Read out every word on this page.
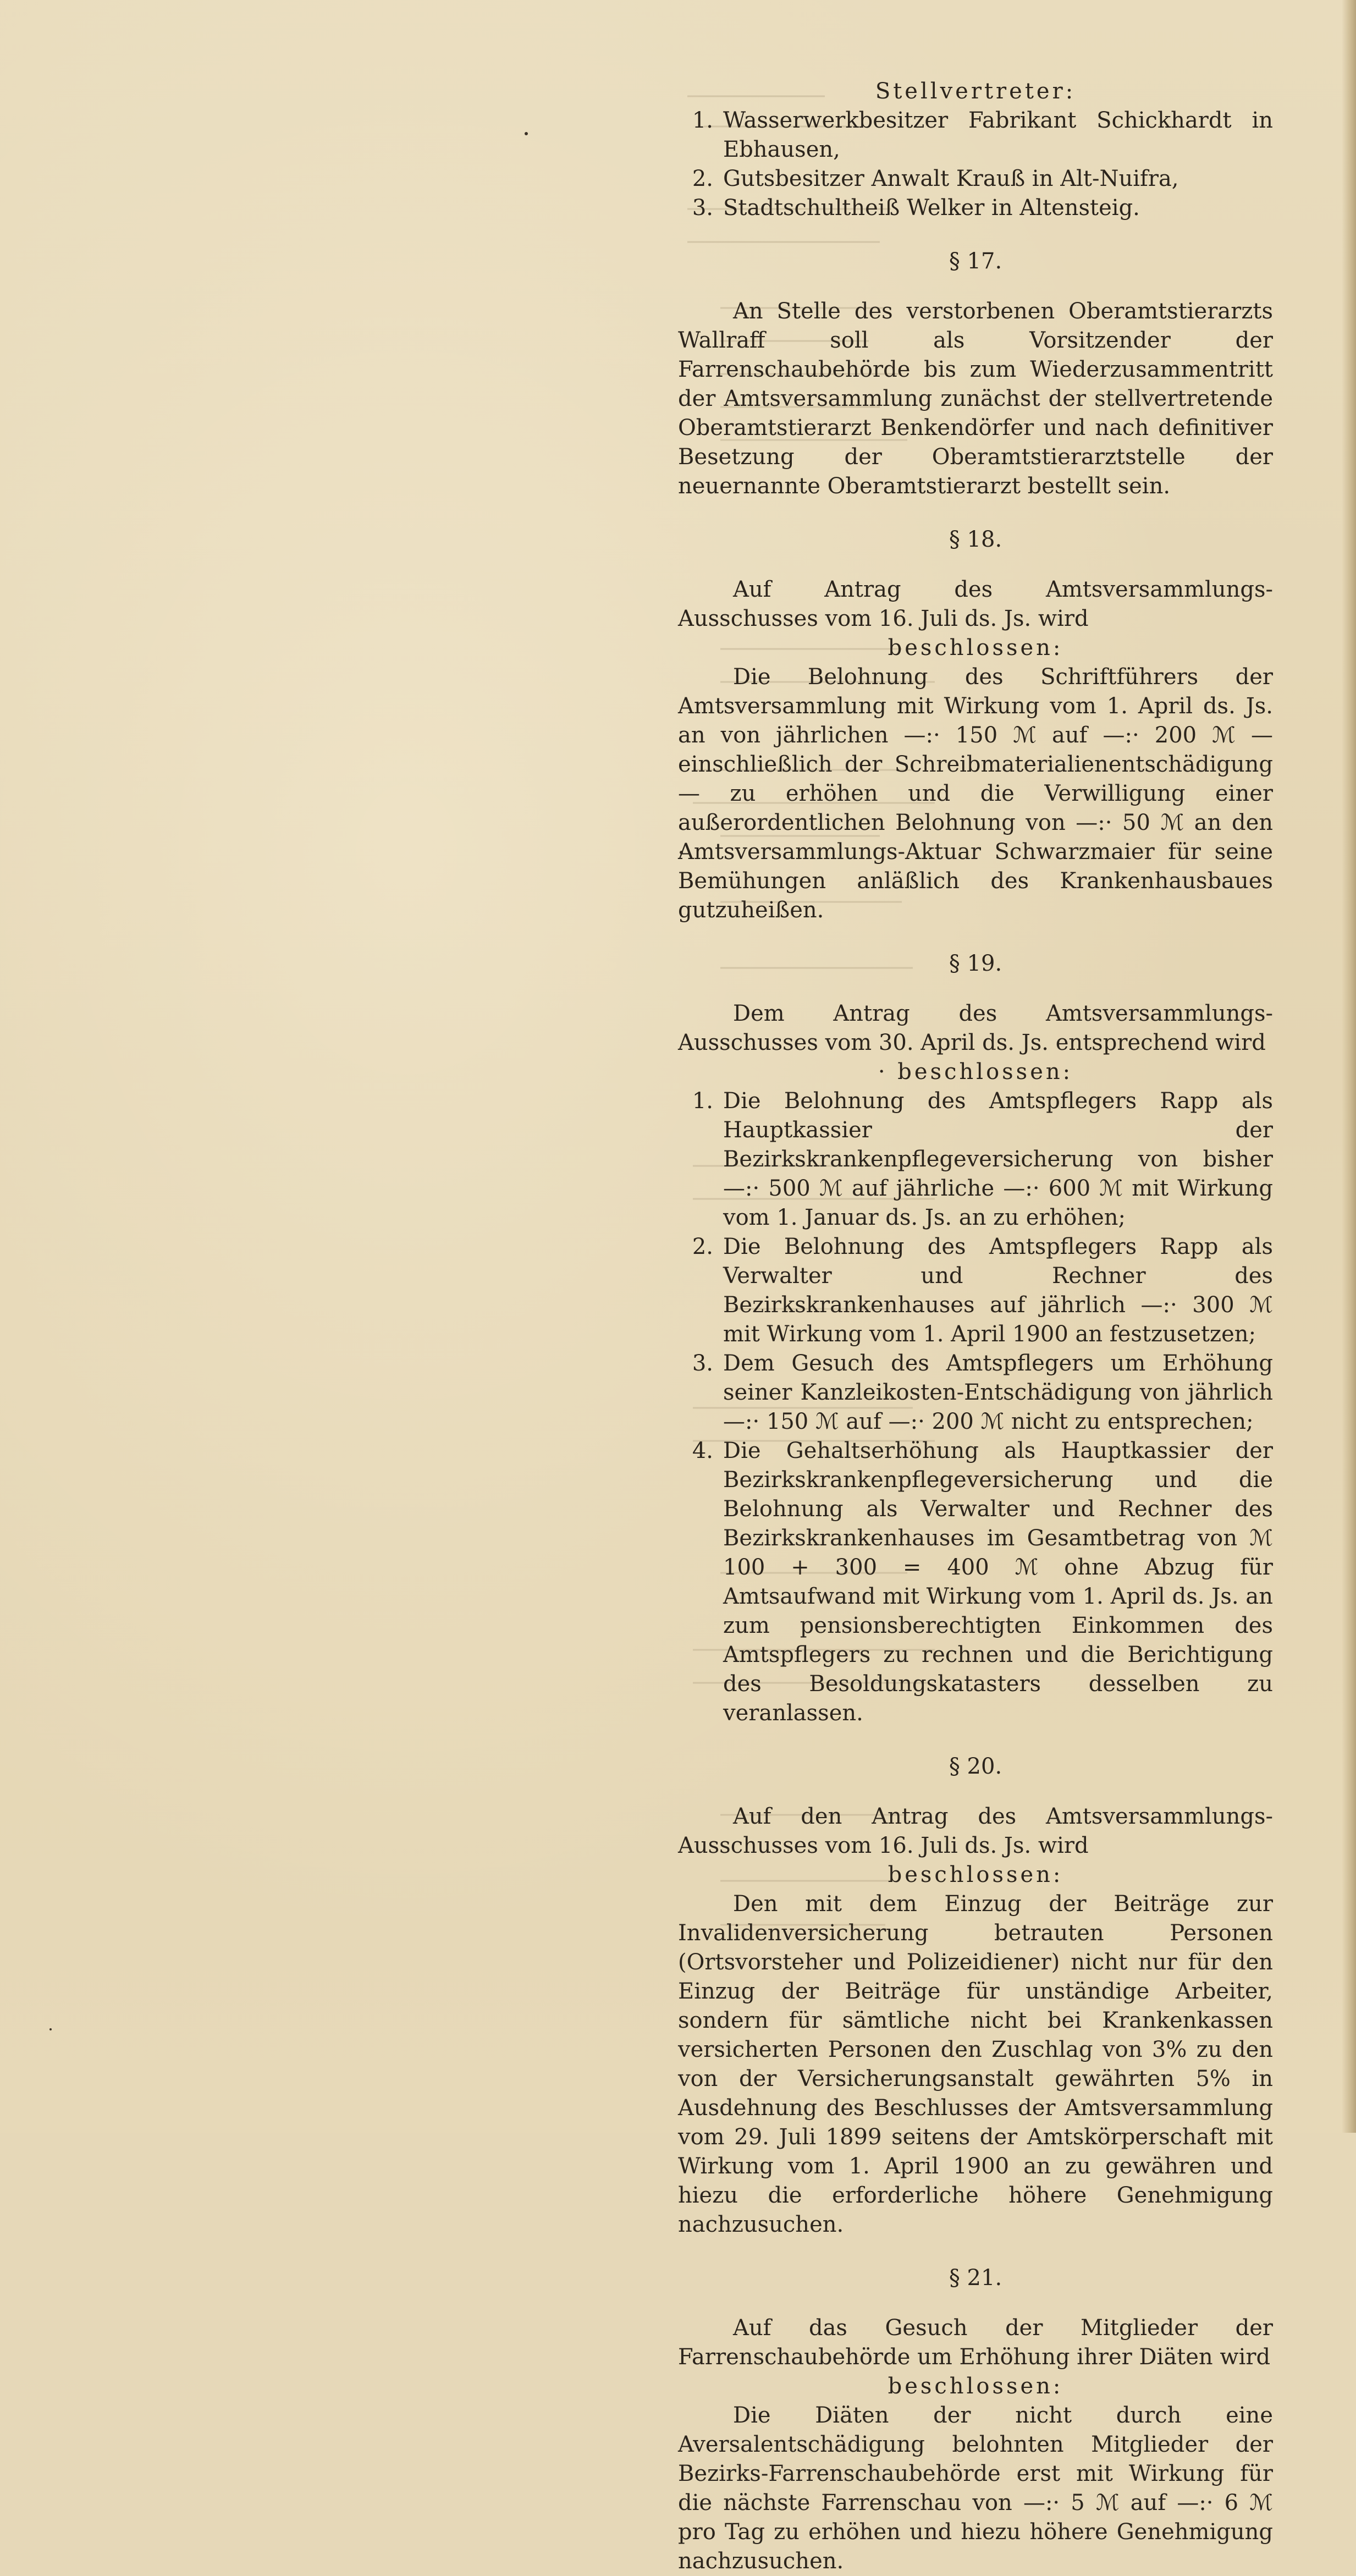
Stellvertreter:
1. Wasserwerkbesitzer Fabrikant Schickhardt in Ebhausen,
2. Gutsbesitzer Anwalt Krauß in Alt-Nuifra,
3. Stadtschultheiß Welker in Altensteig.
§ 17.

An Stelle des verstorbenen Oberamtstierarzts Wallraff soll als Vorsitzender der Farrenschaubehörde bis zum Wiederzusammentritt der Amtsversammlung zunächst der stellvertretende Oberamtstierarzt Benkendörfer und nach definitiver Besetzung der Oberamtstierarztstelle der neuernannte Oberamtstierarzt bestellt sein.

§ 18.

Auf Antrag des Amtsversammlungs-Ausschusses vom 16. Juli ds. Js. wird

beschlossen:

Die Belohnung des Schriftführers der Amtsversammlung mit Wirkung vom 1. April ds. Js. an von jährlichen —:· 150 ℳ auf —:· 200 ℳ — einschließlich der Schreibmaterialienentschädigung — zu erhöhen und die Verwilligung einer außerordentlichen Belohnung von —:· 50 ℳ an den Amtsversammlungs-Aktuar Schwarzmaier für seine Bemühungen anläßlich des Krankenhausbaues gutzuheißen.

§ 19.

Dem Antrag des Amtsversammlungs-Ausschusses vom 30. April ds. Js. entsprechend wird

· beschlossen:

1. Die Belohnung des Amtspflegers Rapp als Hauptkassier der Bezirkskrankenpflegeversicherung von bisher —:· 500 ℳ auf jährliche —:· 600 ℳ mit Wirkung vom 1. Januar ds. Js. an zu erhöhen;
2. Die Belohnung des Amtspflegers Rapp als Verwalter und Rechner des Bezirkskrankenhauses auf jährlich —:· 300 ℳ mit Wirkung vom 1. April 1900 an festzusetzen;
3. Dem Gesuch des Amtspflegers um Erhöhung seiner Kanzleikosten-Entschädigung von jährlich —:· 150 ℳ auf —:· 200 ℳ nicht zu entsprechen;
4. Die Gehaltserhöhung als Hauptkassier der Bezirkskrankenpflegeversicherung und die Belohnung als Verwalter und Rechner des Bezirkskrankenhauses im Gesamtbetrag von ℳ 100 + 300 = 400 ℳ ohne Abzug für Amtsaufwand mit Wirkung vom 1. April ds. Js. an zum pensionsberechtigten Einkommen des Amtspflegers zu rechnen und die Berichtigung des Besoldungskatasters desselben zu veranlassen.
§ 20.

Auf den Antrag des Amtsversammlungs-Ausschusses vom 16. Juli ds. Js. wird

beschlossen:

Den mit dem Einzug der Beiträge zur Invalidenversicherung betrauten Personen (Ortsvorsteher und Polizeidiener) nicht nur für den Einzug der Beiträge für unständige Arbeiter, sondern für sämtliche nicht bei Krankenkassen versicherten Personen den Zuschlag von 3% zu den von der Versicherungsanstalt gewährten 5% in Ausdehnung des Beschlusses der Amtsversammlung vom 29. Juli 1899 seitens der Amtskörperschaft mit Wirkung vom 1. April 1900 an zu gewähren und hiezu die erforderliche höhere Genehmigung nachzusuchen.

§ 21.

Auf das Gesuch der Mitglieder der Farrenschaubehörde um Erhöhung ihrer Diäten wird

beschlossen:

Die Diäten der nicht durch eine Aversalentschädigung belohnten Mitglieder der Bezirks-Farrenschaubehörde erst mit Wirkung für die nächste Farrenschau von —:· 5 ℳ auf —:· 6 ℳ pro Tag zu erhöhen und hiezu höhere Genehmigung nachzusuchen.
